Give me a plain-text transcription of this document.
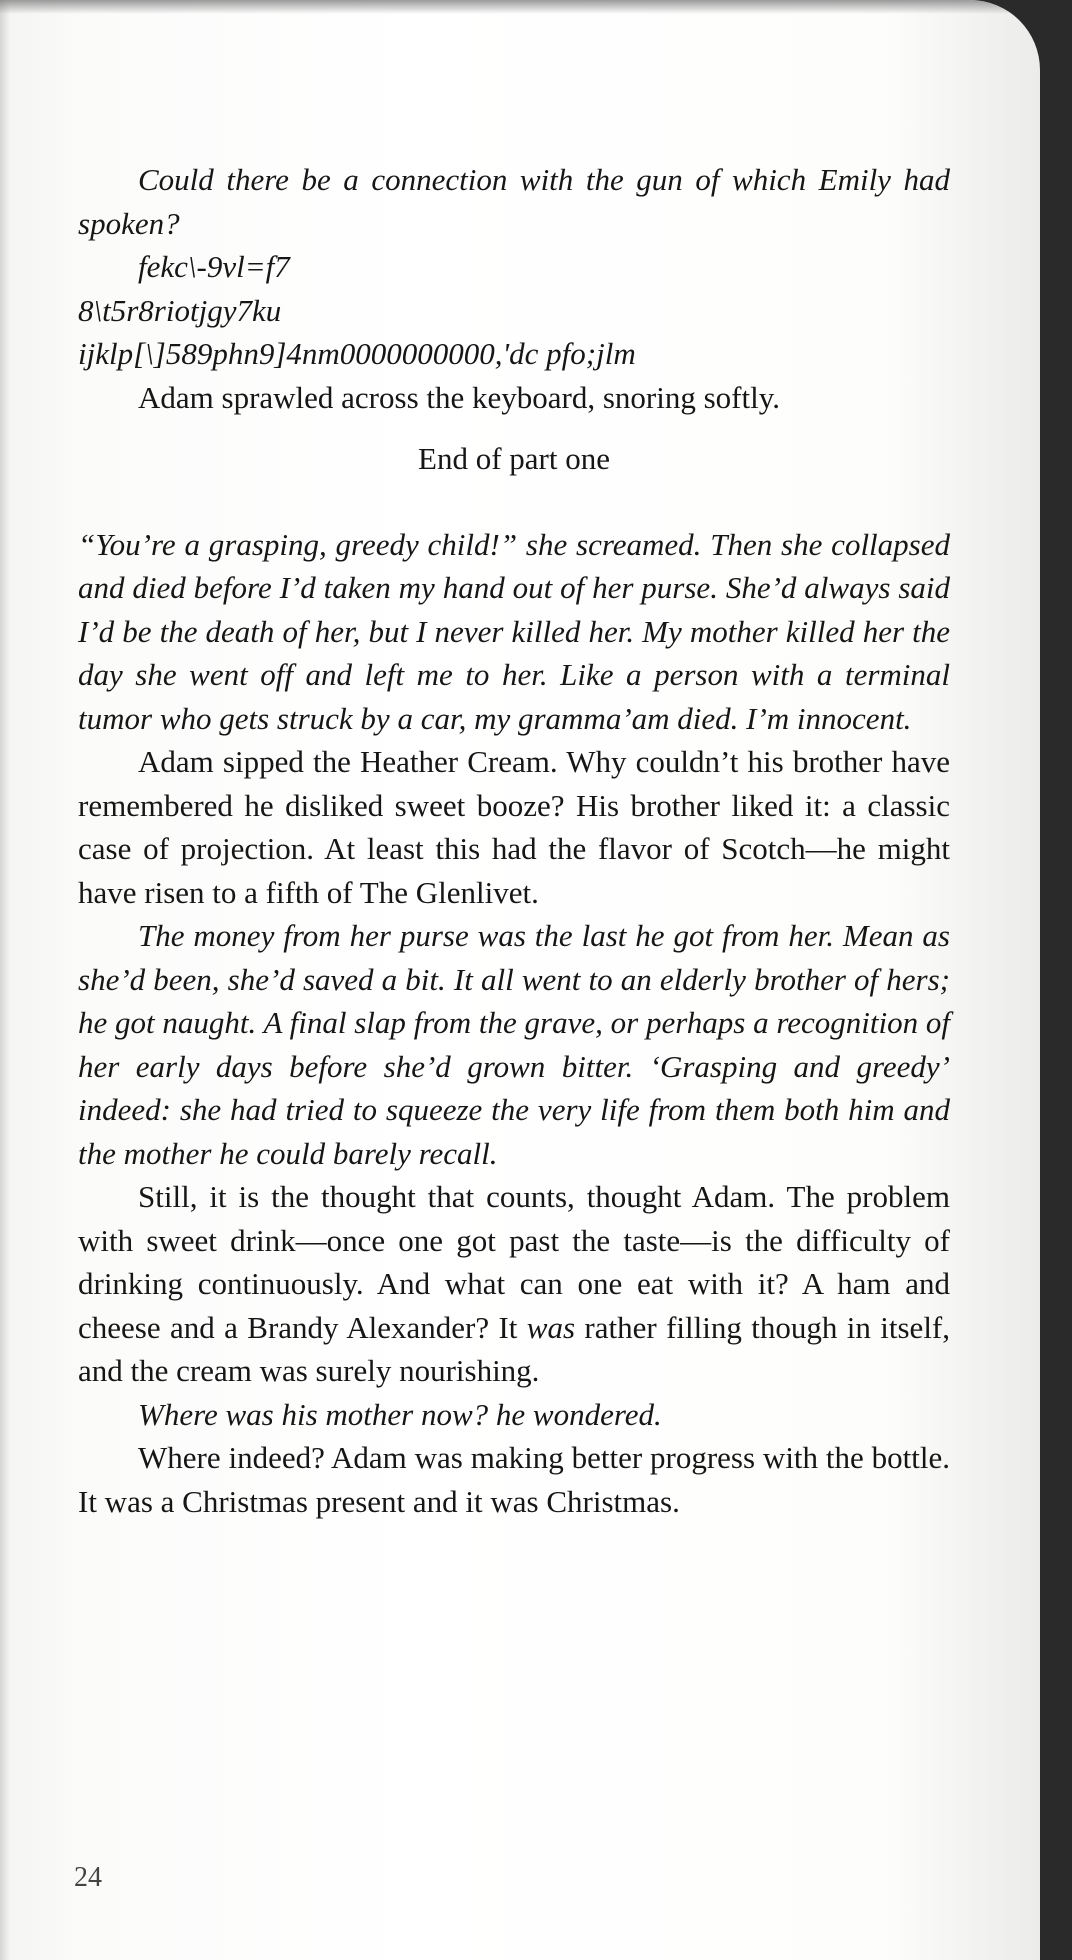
Could there be a connection with the gun of which Emily had spoken?

fekc\-9vl=f7

8\t5r8riotjgy7ku

ijklp[\]589phn9]4nm0000000000,'dc pfo;jlm

Adam sprawled across the keyboard, snoring softly.

End of part one

“You’re a grasping, greedy child!” she screamed. Then she collapsed and died before I’d taken my hand out of her purse. She’d always said I’d be the death of her, but I never killed her. My mother killed her the day she went off and left me to her. Like a person with a terminal tumor who gets struck by a car, my gramma’am died. I’m innocent.

Adam sipped the Heather Cream. Why couldn’t his brother have remembered he disliked sweet booze? His brother liked it: a classic case of projection. At least this had the flavor of Scotch—he might have risen to a fifth of The Glenlivet.

The money from her purse was the last he got from her. Mean as she’d been, she’d saved a bit. It all went to an elderly brother of hers; he got naught. A final slap from the grave, or perhaps a recognition of her early days before she’d grown bitter. ‘Grasping and greedy’ indeed: she had tried to squeeze the very life from them both him and the mother he could barely recall.

Still, it is the thought that counts, thought Adam. The problem with sweet drink—once one got past the taste—is the difficulty of drinking continuously. And what can one eat with it? A ham and cheese and a Brandy Alexander? It was rather filling though in itself, and the cream was surely nourishing.

Where was his mother now? he wondered.

Where indeed? Adam was making better progress with the bottle. It was a Christmas present and it was Christmas.

24
